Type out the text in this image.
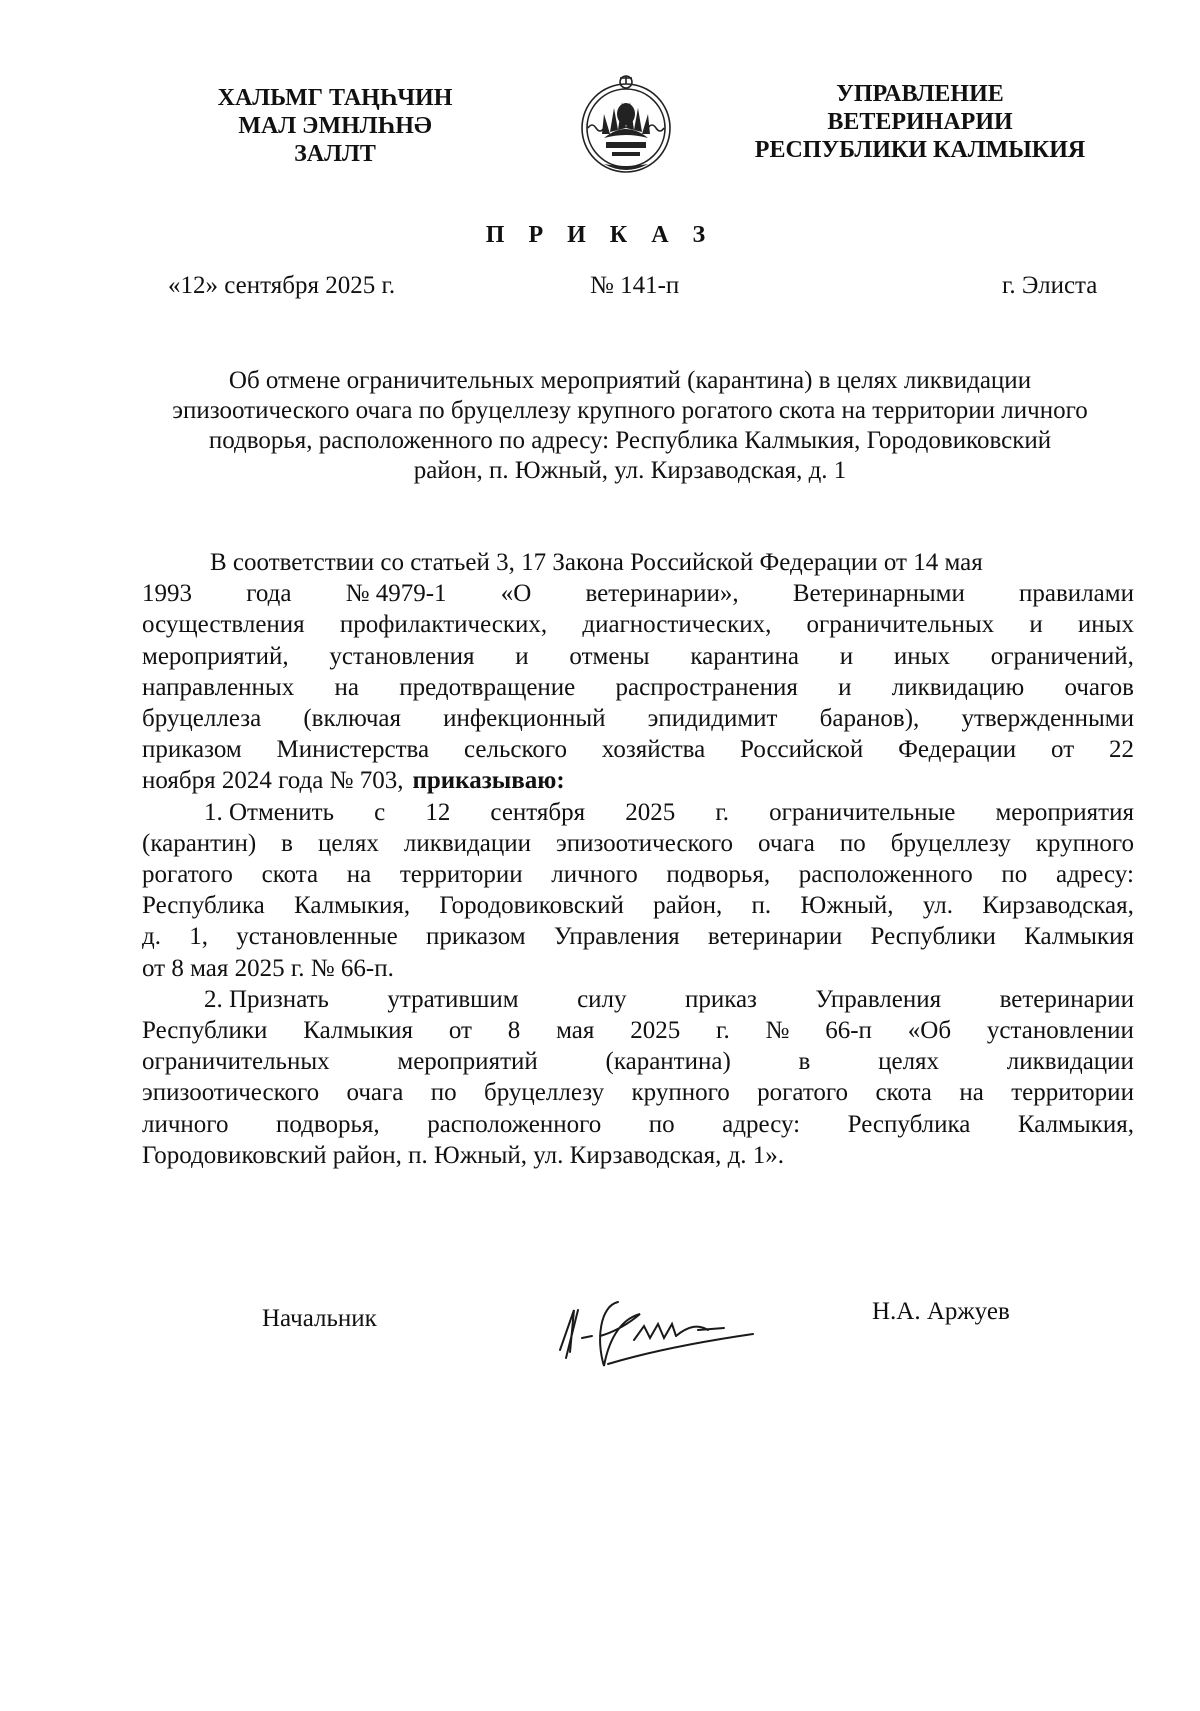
ХАЛЬМГ ТАҢҺЧИН
МАЛ ЭМНЛҺНӘ
ЗАЛЛТ
УПРАВЛЕНИЕ
ВЕТЕРИНАРИИ
РЕСПУБЛИКИ КАЛМЫКИЯ
П Р И К А З
«12» сентября 2025 г.	№ 141-п	г. Элиста
Об отмене ограничительных мероприятий (карантина) в целях ликвидации
эпизоотического очага по бруцеллезу крупного рогатого скота на территории личного
подворья, расположенного по адресу: Республика Калмыкия, Городовиковский
район, п. Южный, ул. Кирзаводская, д. 1
В соответствии со статьей 3, 17 Закона Российской Федерации от 14 мая
1993 года № 4979-1 «О ветеринарии», Ветеринарными правилами
осуществления профилактических, диагностических, ограничительных и иных
мероприятий, установления и отмены карантина и иных ограничений,
направленных на предотвращение распространения и ликвидацию очагов
бруцеллеза (включая инфекционный эпидидимит баранов), утвержденными
приказом Министерства сельского хозяйства Российской Федерации от 22
ноября 2024 года № 703, приказываю:
1. Отменить с 12 сентября 2025 г. ограничительные мероприятия
(карантин) в целях ликвидации эпизоотического очага по бруцеллезу крупного
рогатого скота на территории личного подворья, расположенного по адресу:
Республика Калмыкия, Городовиковский район, п. Южный, ул. Кирзаводская,
д. 1, установленные приказом Управления ветеринарии Республики Калмыкия
от 8 мая 2025 г. № 66-п.
2. Признать утратившим силу приказ Управления ветеринарии
Республики Калмыкия от 8 мая 2025 г. № 66-п «Об установлении
ограничительных	мероприятий	(карантина)	в	целях	ликвидации
эпизоотического очага по бруцеллезу крупного рогатого скота на территории
личного подворья, расположенного по адресу: Республика Калмыкия,
Городовиковский район, п. Южный, ул. Кирзаводская, д. 1».
Начальник	Н.А. Аржуев
